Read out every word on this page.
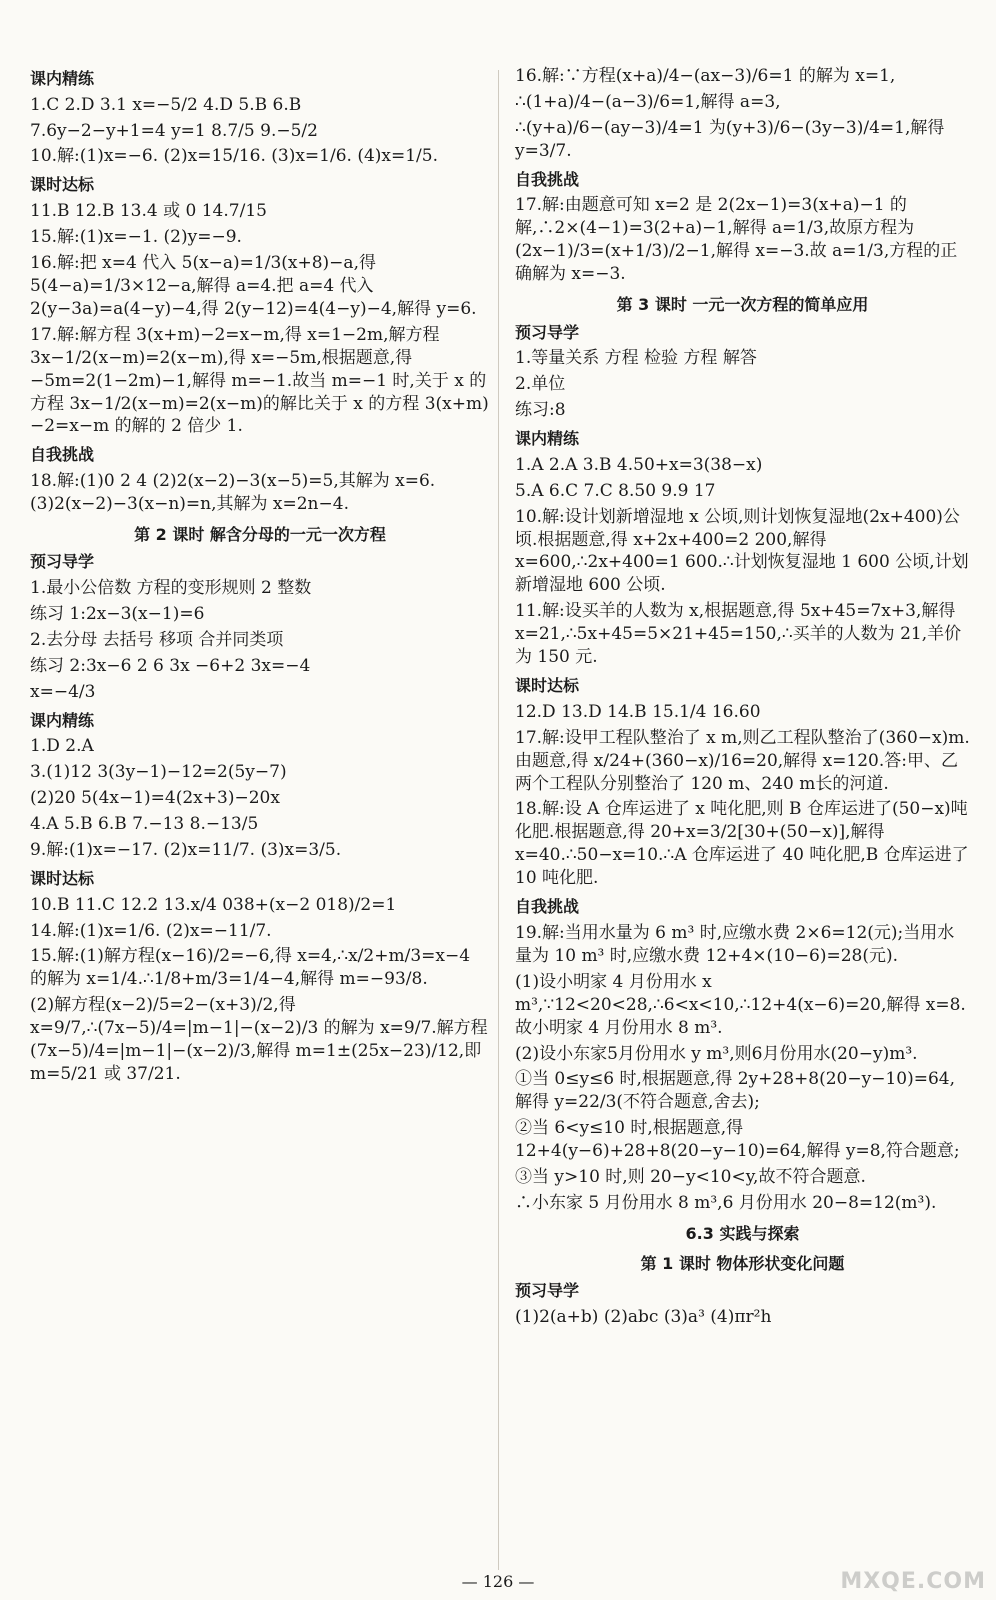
课内精练
1.C 2.D 3.1 x=−5/2 4.D 5.B 6.B
7.6y−2−y+1=4 y=1 8.7/5 9.−5/2
10.解:(1)x=−6. (2)x=15/16. (3)x=1/6. (4)x=1/5.
课时达标
11.B 12.B 13.4 或 0 14.7/15
15.解:(1)x=−1. (2)y=−9.
16.解:把 x=4 代入 5(x−a)=1/3(x+8)−a,得 5(4−a)=1/3×12−a,解得 a=4.把 a=4 代入 2(y−3a)=a(4−y)−4,得 2(y−12)=4(4−y)−4,解得 y=6.
17.解:解方程 3(x+m)−2=x−m,得 x=1−2m,解方程 3x−1/2(x−m)=2(x−m),得 x=−5m,根据题意,得−5m=2(1−2m)−1,解得 m=−1.故当 m=−1 时,关于 x 的方程 3x−1/2(x−m)=2(x−m)的解比关于 x 的方程 3(x+m)−2=x−m 的解的 2 倍少 1.
自我挑战
18.解:(1)0 2 4 (2)2(x−2)−3(x−5)=5,其解为 x=6. (3)2(x−2)−3(x−n)=n,其解为 x=2n−4.
第 2 课时 解含分母的一元一次方程
预习导学
1.最小公倍数 方程的变形规则 2 整数
练习 1:2x−3(x−1)=6
2.去分母 去括号 移项 合并同类项
练习 2:3x−6 2 6 3x −6+2 3x=−4
x=−4/3
课内精练
1.D 2.A
3.(1)12 3(3y−1)−12=2(5y−7)
(2)20 5(4x−1)=4(2x+3)−20x
4.A 5.B 6.B 7.−13 8.−13/5
9.解:(1)x=−17. (2)x=11/7. (3)x=3/5.
课时达标
10.B 11.C 12.2 13.x/4 038+(x−2 018)/2=1
14.解:(1)x=1/6. (2)x=−11/7.
15.解:(1)解方程(x−16)/2=−6,得 x=4,∴x/2+m/3=x−4 的解为 x=1/4.∴1/8+m/3=1/4−4,解得 m=−93/8.
(2)解方程(x−2)/5=2−(x+3)/2,得 x=9/7,∴(7x−5)/4=|m−1|−(x−2)/3 的解为 x=9/7.解方程(7x−5)/4=|m−1|−(x−2)/3,解得 m=1±(25x−23)/12,即 m=5/21 或 37/21.
16.解:∵方程(x+a)/4−(ax−3)/6=1 的解为 x=1,
∴(1+a)/4−(a−3)/6=1,解得 a=3,
∴(y+a)/6−(ay−3)/4=1 为(y+3)/6−(3y−3)/4=1,解得 y=3/7.
自我挑战
17.解:由题意可知 x=2 是 2(2x−1)=3(x+a)−1 的解,∴2×(4−1)=3(2+a)−1,解得 a=1/3,故原方程为(2x−1)/3=(x+1/3)/2−1,解得 x=−3.故 a=1/3,方程的正确解为 x=−3.
第 3 课时 一元一次方程的简单应用
预习导学
1.等量关系 方程 检验 方程 解答
2.单位
练习:8
课内精练
1.A 2.A 3.B 4.50+x=3(38−x)
5.A 6.C 7.C 8.50 9.9 17
10.解:设计划新增湿地 x 公顷,则计划恢复湿地(2x+400)公顷.根据题意,得 x+2x+400=2 200,解得 x=600,∴2x+400=1 600.∴计划恢复湿地 1 600 公顷,计划新增湿地 600 公顷.
11.解:设买羊的人数为 x,根据题意,得 5x+45=7x+3,解得 x=21,∴5x+45=5×21+45=150,∴买羊的人数为 21,羊价为 150 元.
课时达标
12.D 13.D 14.B 15.1/4 16.60
17.解:设甲工程队整治了 x m,则乙工程队整治了(360−x)m.由题意,得 x/24+(360−x)/16=20,解得 x=120.答:甲、乙两个工程队分别整治了 120 m、240 m长的河道.
18.解:设 A 仓库运进了 x 吨化肥,则 B 仓库运进了(50−x)吨化肥.根据题意,得 20+x=3/2[30+(50−x)],解得 x=40.∴50−x=10.∴A 仓库运进了 40 吨化肥,B 仓库运进了 10 吨化肥.
自我挑战
19.解:当用水量为 6 m³ 时,应缴水费 2×6=12(元);当用水量为 10 m³ 时,应缴水费 12+4×(10−6)=28(元).
(1)设小明家 4 月份用水 x m³,∵12<20<28,∴6<x<10,∴12+4(x−6)=20,解得 x=8.故小明家 4 月份用水 8 m³.
(2)设小东家5月份用水 y m³,则6月份用水(20−y)m³.
①当 0≤y≤6 时,根据题意,得 2y+28+8(20−y−10)=64,解得 y=22/3(不符合题意,舍去);
②当 6<y≤10 时,根据题意,得 12+4(y−6)+28+8(20−y−10)=64,解得 y=8,符合题意;
③当 y>10 时,则 20−y<10<y,故不符合题意.
∴小东家 5 月份用水 8 m³,6 月份用水 20−8=12(m³).
6.3 实践与探索
第 1 课时 物体形状变化问题
预习导学
(1)2(a+b) (2)abc (3)a³ (4)πr²h
— 126 —	MXQE.COM
